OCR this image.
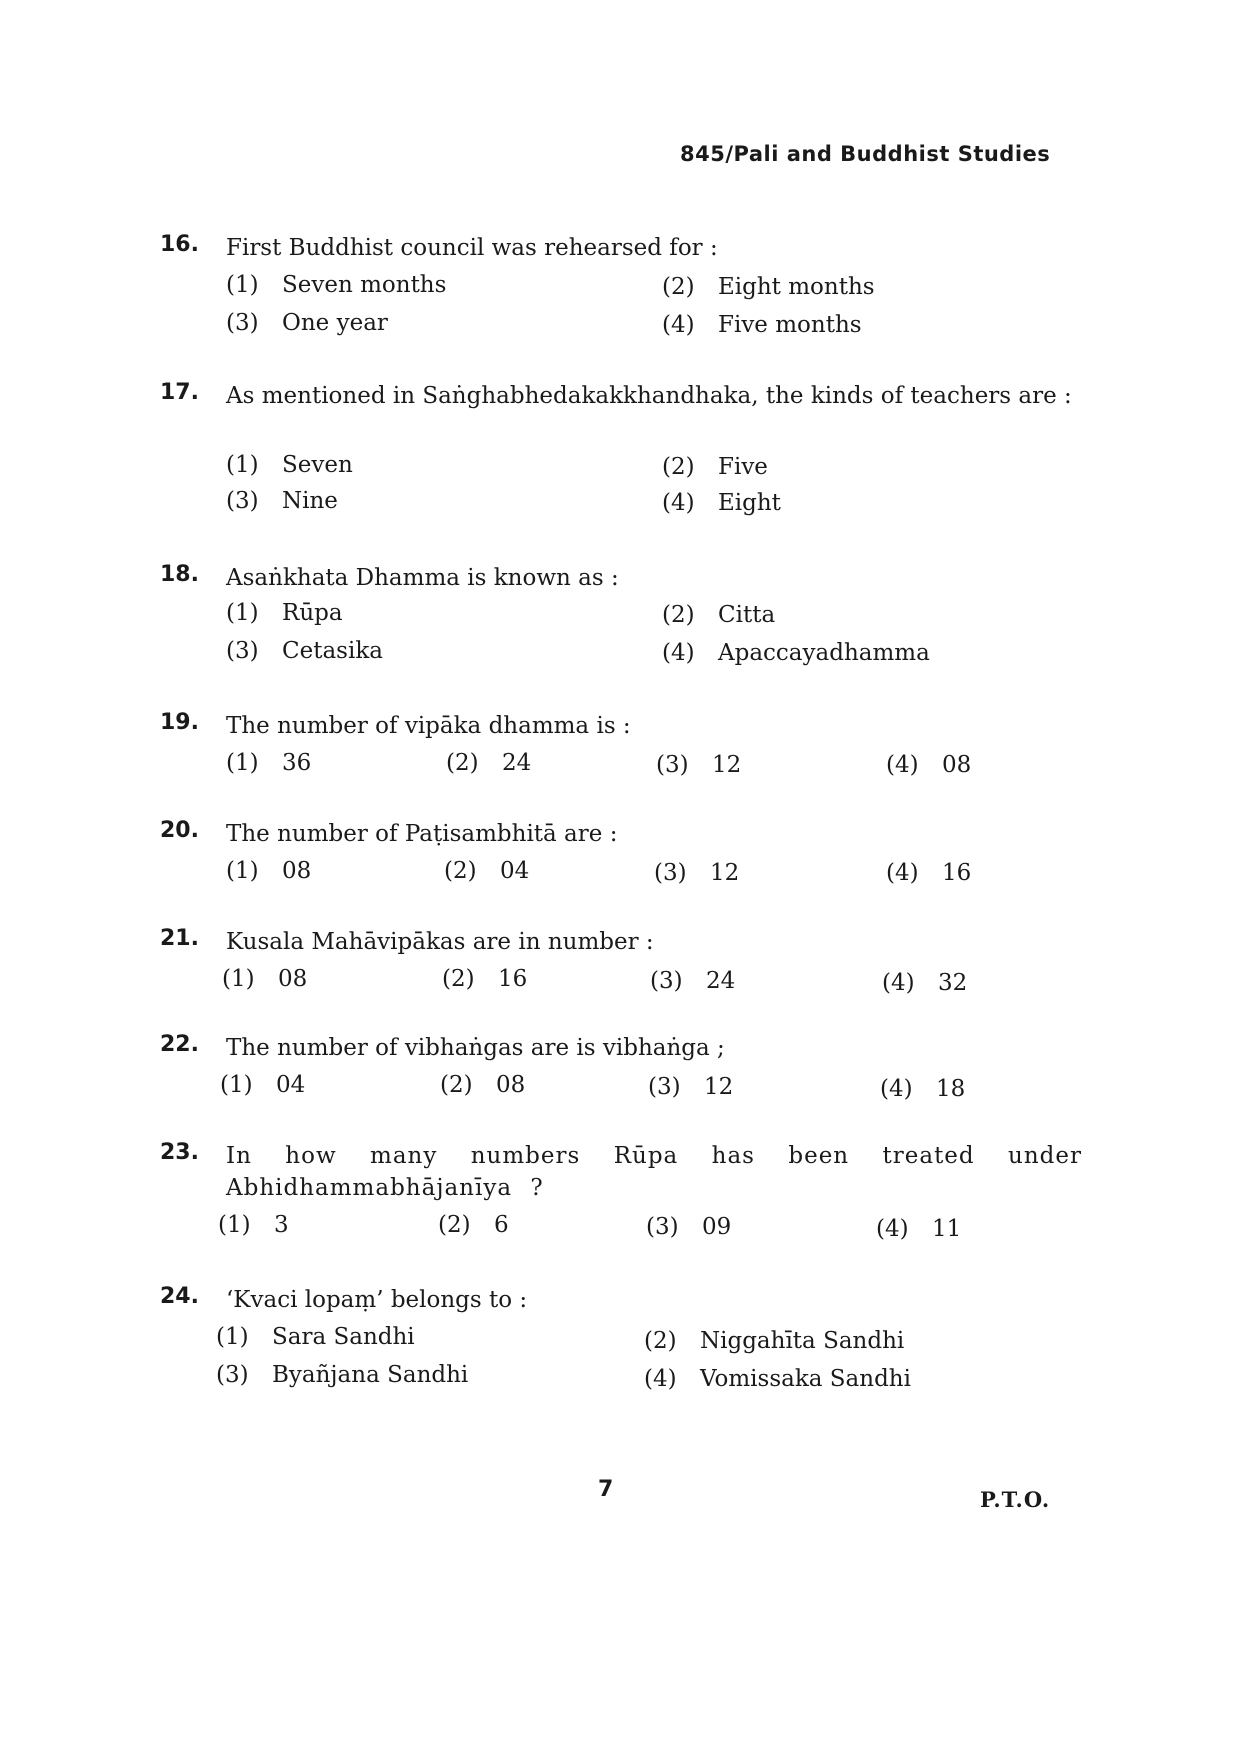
845/Pali and Buddhist Studies
16.	First Buddhist council was rehearsed for :
(1) Seven months	(2) Eight months
(3) One year	(4) Five months
17.	As mentioned in Saṅghabhedakakkhandhaka, the kinds of teachers are :
(1) Seven	(2) Five
(3) Nine	(4) Eight
18.	Asaṅkhata Dhamma is known as :
(1) Rūpa	(2) Citta
(3) Cetasika	(4) Apaccayadhamma
19.	The number of vipāka dhamma is :
(1) 36	(2) 24	(3) 12	(4) 08
20.	The number of Paṭisambhitā are :
(1) 08	(2) 04	(3) 12	(4) 16
21.	Kusala Mahāvipākas are in number :
(1) 08	(2) 16	(3) 24	(4) 32
22.	The number of vibhaṅgas are is vibhaṅga ;
(1) 04	(2) 08	(3) 12	(4) 18
23.	In how many numbers Rūpa has been treated under Abhidhammabhājanīya ?
(1) 3	(2) 6	(3) 09	(4) 11
24.	‘Kvaci lopaṃ’ belongs to :
(1) Sara Sandhi	(2) Niggahīta Sandhi
(3) Byañjana Sandhi	(4) Vomissaka Sandhi
7	P.T.O.
